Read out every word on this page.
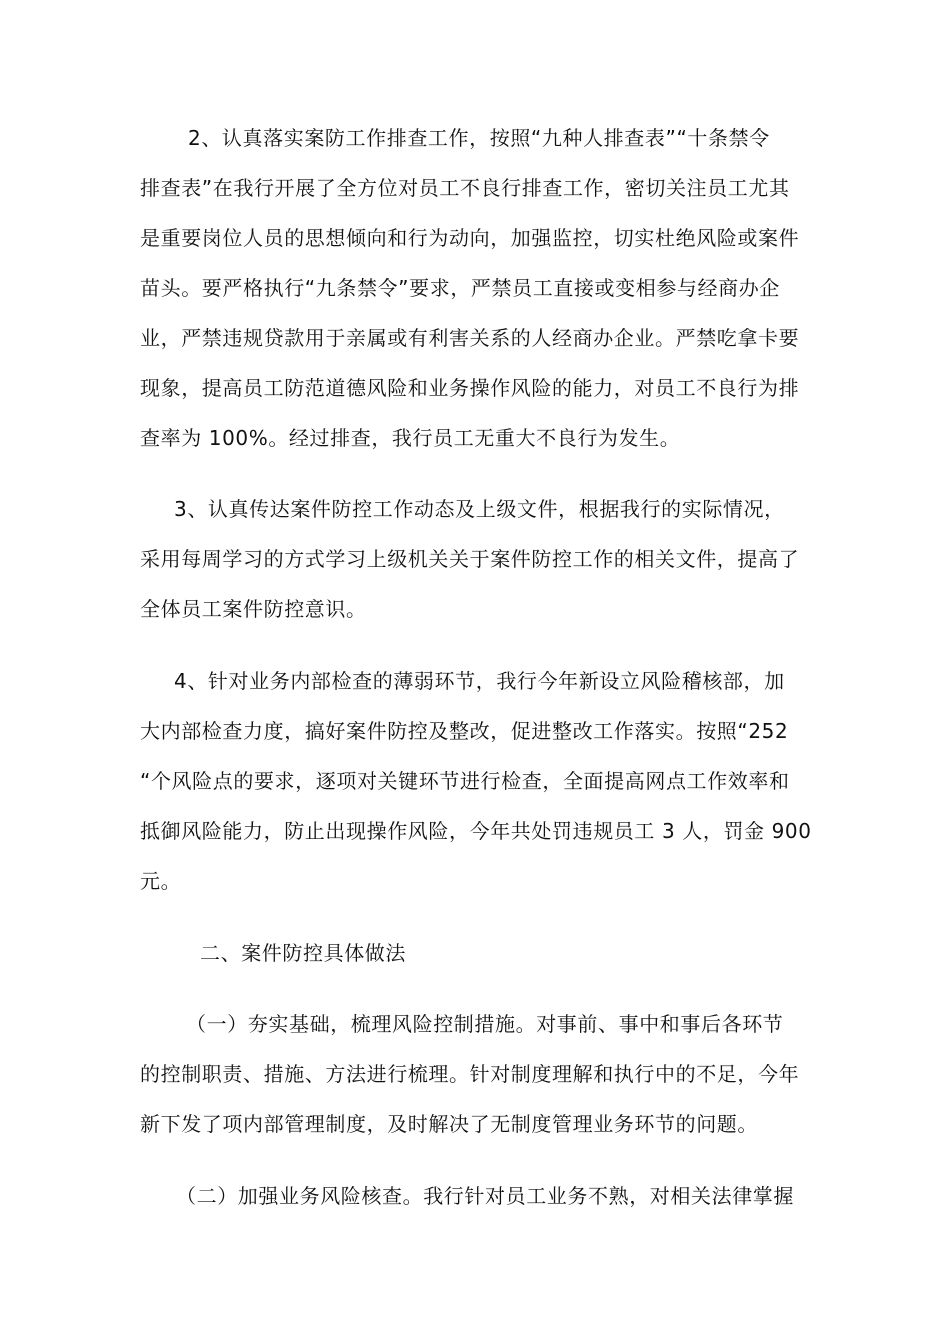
2、认真落实案防工作排查工作，按照“九种人排查表”“十条禁令
排查表”在我行开展了全方位对员工不良行排查工作，密切关注员工尤其
是重要岗位人员的思想倾向和行为动向，加强监控，切实杜绝风险或案件
苗头。要严格执行“九条禁令”要求，严禁员工直接或变相参与经商办企
业，严禁违规贷款用于亲属或有利害关系的人经商办企业。严禁吃拿卡要
现象，提高员工防范道德风险和业务操作风险的能力，对员工不良行为排
查率为 100%。经过排查，我行员工无重大不良行为发生。
3、认真传达案件防控工作动态及上级文件，根据我行的实际情况，
采用每周学习的方式学习上级机关关于案件防控工作的相关文件，提高了
全体员工案件防控意识。
4、针对业务内部检查的薄弱环节，我行今年新设立风险稽核部，加
大内部检查力度，搞好案件防控及整改，促进整改工作落实。按照“252
“个风险点的要求，逐项对关键环节进行检查，全面提高网点工作效率和
抵御风险能力，防止出现操作风险，今年共处罚违规员工 3 人，罚金 900
元。
二、案件防控具体做法
（一）夯实基础，梳理风险控制措施。对事前、事中和事后各环节
的控制职责、措施、方法进行梳理。针对制度理解和执行中的不足，今年
新下发了项内部管理制度，及时解决了无制度管理业务环节的问题。
（二）加强业务风险核查。我行针对员工业务不熟，对相关法律掌握
